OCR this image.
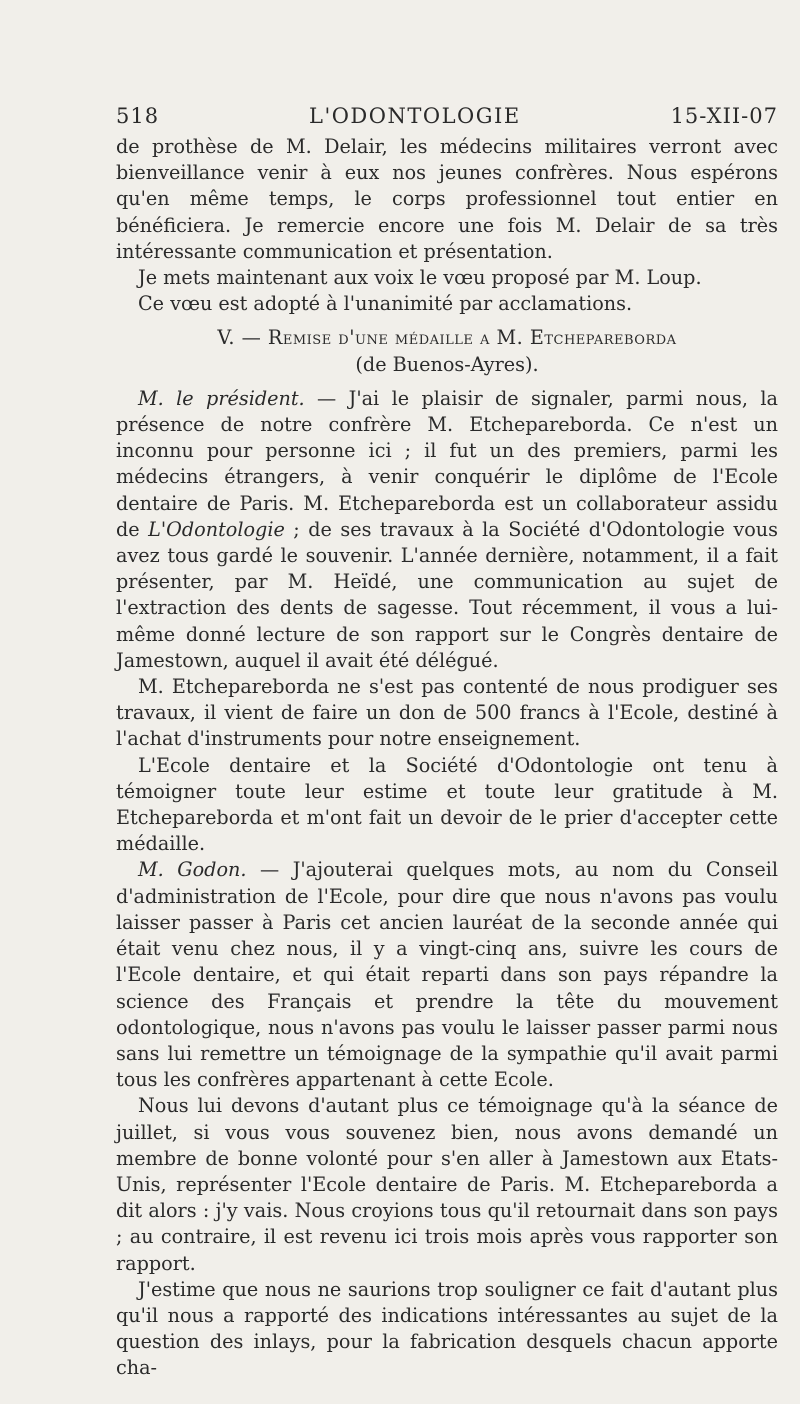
518	L'ODONTOLOGIE	15-XII-07

de prothèse de M. Delair, les médecins militaires verront avec bienveillance venir à eux nos jeunes confrères. Nous espérons qu'en même temps, le corps professionnel tout entier en bénéficiera. Je remercie encore une fois M. Delair de sa très intéressante communication et présentation.

Je mets maintenant aux voix le vœu proposé par M. Loup.

Ce vœu est adopté à l'unanimité par acclamations.

V. — Remise d'une médaille a M. Etchepareborda
(de Buenos-Ayres).

M. le président. — J'ai le plaisir de signaler, parmi nous, la présence de notre confrère M. Etchepareborda. Ce n'est un inconnu pour personne ici ; il fut un des premiers, parmi les médecins étrangers, à venir conquérir le diplôme de l'Ecole dentaire de Paris. M. Etchepareborda est un collaborateur assidu de L'Odontologie ; de ses travaux à la Société d'Odontologie vous avez tous gardé le souvenir. L'année dernière, notamment, il a fait présenter, par M. Heïdé, une communication au sujet de l'extraction des dents de sagesse. Tout récemment, il vous a lui-même donné lecture de son rapport sur le Congrès dentaire de Jamestown, auquel il avait été délégué.

M. Etchepareborda ne s'est pas contenté de nous prodiguer ses travaux, il vient de faire un don de 500 francs à l'Ecole, destiné à l'achat d'instruments pour notre enseignement.

L'Ecole dentaire et la Société d'Odontologie ont tenu à témoigner toute leur estime et toute leur gratitude à M. Etchepareborda et m'ont fait un devoir de le prier d'accepter cette médaille.

M. Godon. — J'ajouterai quelques mots, au nom du Conseil d'administration de l'Ecole, pour dire que nous n'avons pas voulu laisser passer à Paris cet ancien lauréat de la seconde année qui était venu chez nous, il y a vingt-cinq ans, suivre les cours de l'Ecole dentaire, et qui était reparti dans son pays répandre la science des Français et prendre la tête du mouvement odontologique, nous n'avons pas voulu le laisser passer parmi nous sans lui remettre un témoignage de la sympathie qu'il avait parmi tous les confrères appartenant à cette Ecole.

Nous lui devons d'autant plus ce témoignage qu'à la séance de juillet, si vous vous souvenez bien, nous avons demandé un membre de bonne volonté pour s'en aller à Jamestown aux Etats-Unis, représenter l'Ecole dentaire de Paris. M. Etchepareborda a dit alors : j'y vais. Nous croyions tous qu'il retournait dans son pays ; au contraire, il est revenu ici trois mois après vous rapporter son rapport.

J'estime que nous ne saurions trop souligner ce fait d'autant plus qu'il nous a rapporté des indications intéressantes au sujet de la question des inlays, pour la fabrication desquels chacun apporte cha-
